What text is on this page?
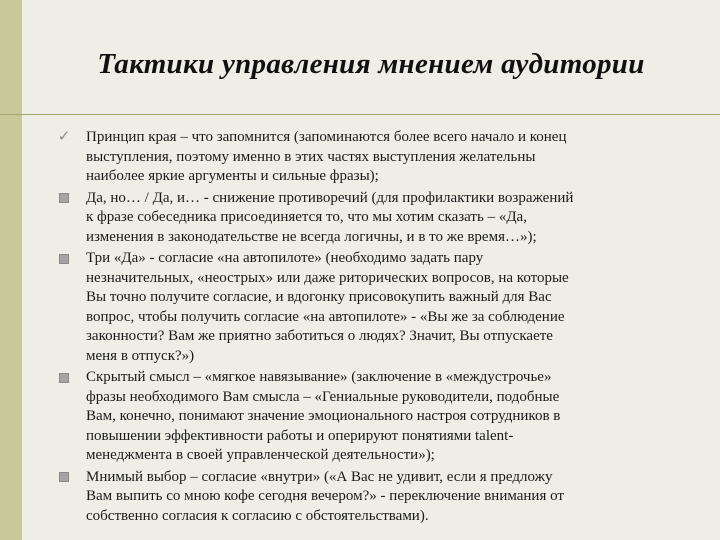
Тактики управления мнением аудитории
✓ Принцип края – что запомнится (запоминаются более всего начало и конец
выступления, поэтому именно в этих частях выступления желательны
наиболее яркие аргументы и сильные фразы);
Да, но… / Да, и… - снижение противоречий (для профилактики возражений
к фразе собеседника присоединяется то, что мы хотим сказать – «Да,
изменения в законодательстве не всегда логичны, и в то же время…»);
Три «Да» - согласие «на автопилоте» (необходимо задать пару
незначительных, «неострых» или даже риторических вопросов, на которые
Вы точно получите согласие, и вдогонку присовокупить важный для Вас
вопрос, чтобы получить согласие «на автопилоте» - «Вы же за соблюдение
законности? Вам же приятно заботиться о людях? Значит, Вы отпускаете
меня в отпуск?»)
Скрытый смысл – «мягкое навязывание» (заключение в «междустрочье»
фразы необходимого Вам смысла – «Гениальные руководители, подобные
Вам, конечно, понимают значение эмоционального настроя сотрудников в
повышении эффективности работы и оперируют понятиями talent-
менеджмента в своей управленческой деятельности»);
Мнимый выбор – согласие «внутри» («А Вас не удивит, если я предложу
Вам выпить со мною кофе сегодня вечером?» - переключение внимания от
собственно согласия к согласию с обстоятельствами).
